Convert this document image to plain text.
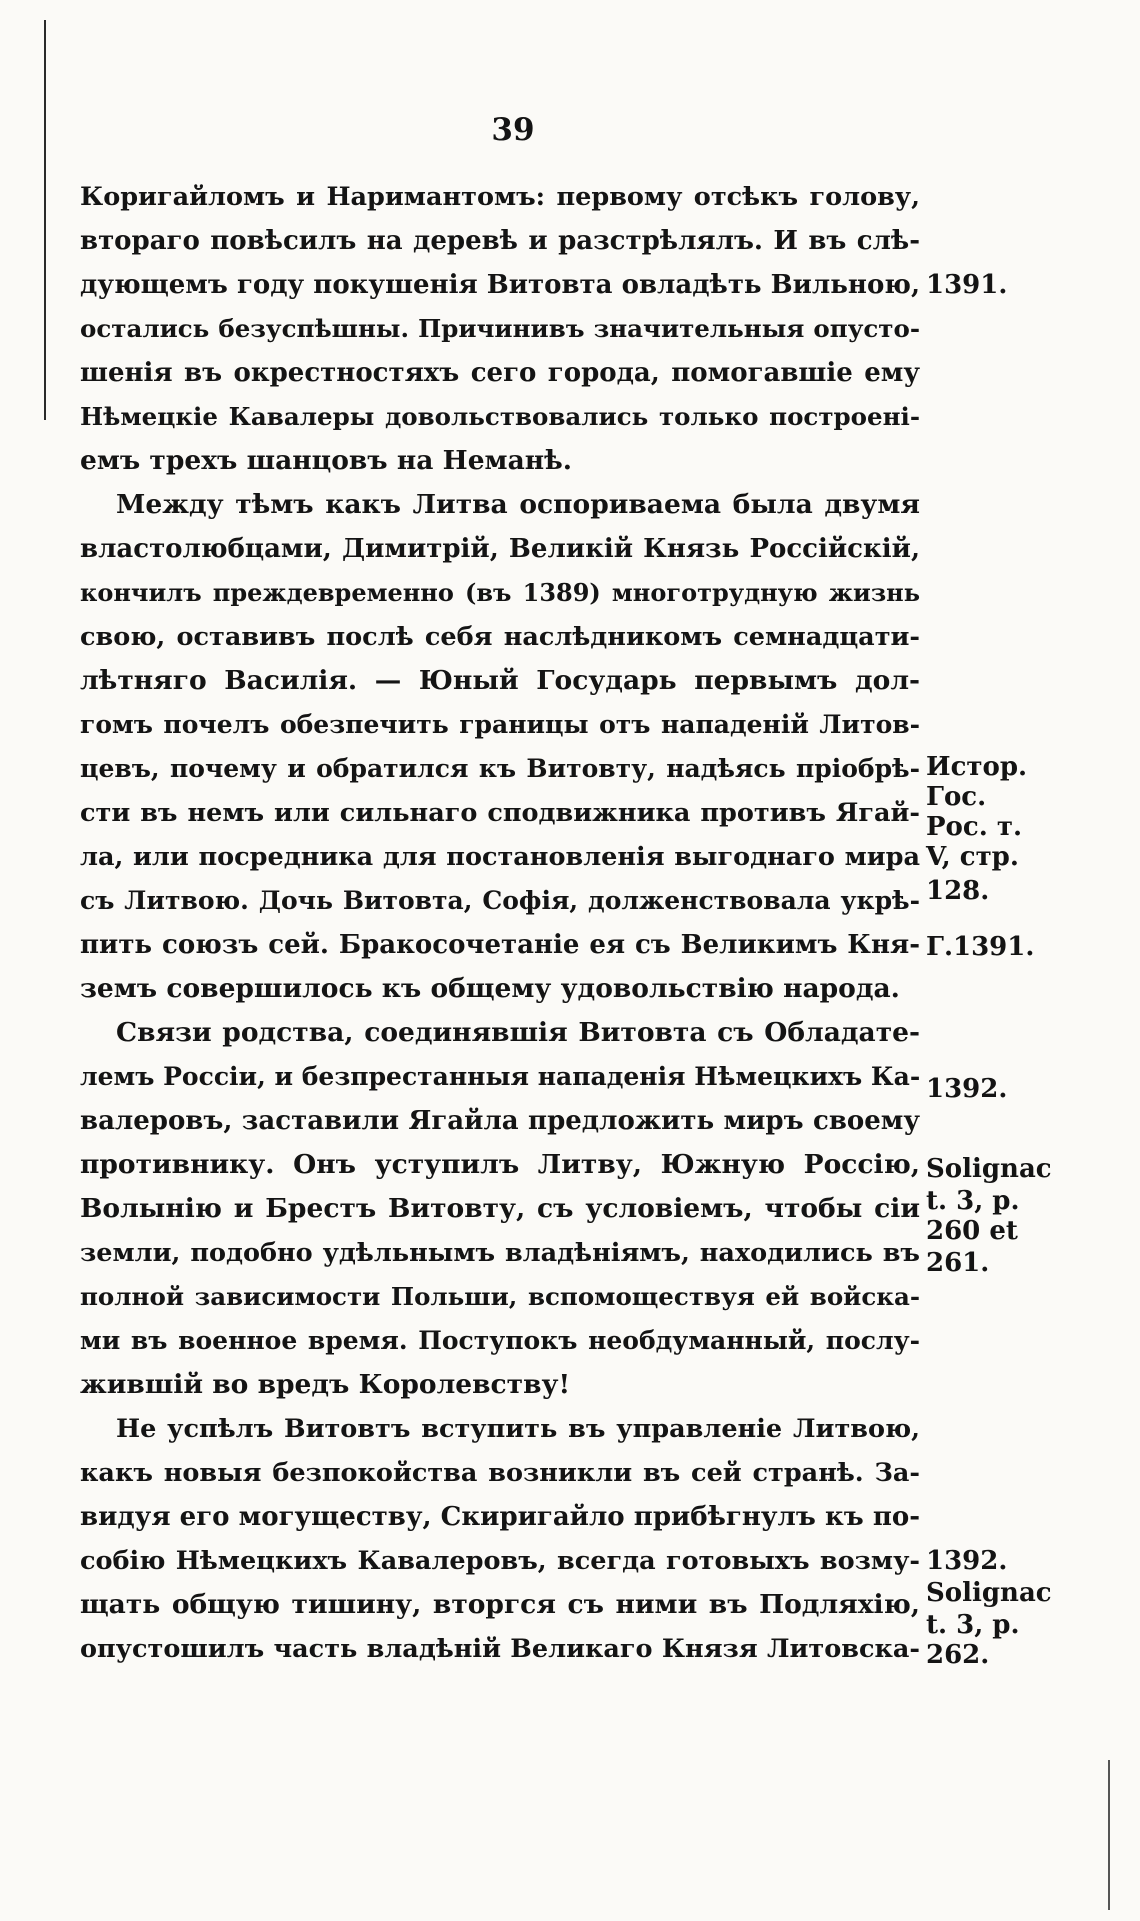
39
Коригайломъ и Наримантомъ: первому отсѣкъ голову,
втораго повѣсилъ на деревѣ и разстрѣлялъ. И въ слѣ-
дующемъ году покушенія Витовта овладѣть Вильною,
остались безуспѣшны. Причинивъ значительныя опусто-
шенія въ окрестностяхъ сего города, помогавшіе ему
Нѣмецкіе Кавалеры довольствовались только построені-
емъ трехъ шанцовъ на Неманѣ.
Между тѣмъ какъ Литва оспориваема была двумя
властолюбцами, Димитрій, Великій Князь Россійскій,
кончилъ преждевременно (въ 1389) многотрудную жизнь
свою, оставивъ послѣ себя наслѣдникомъ семнадцати-
лѣтняго Василія. — Юный Государь первымъ дол-
гомъ почелъ обезпечить границы отъ нападеній Литов-
цевъ, почему и обратился къ Витовту, надѣясь пріобрѣ-
сти въ немъ или сильнаго сподвижника противъ Ягай-
ла, или посредника для постановленія выгоднаго мира
съ Литвою. Дочь Витовта, Софія, долженствовала укрѣ-
пить союзъ сей. Бракосочетаніе ея съ Великимъ Кня-
земъ совершилось къ общему удовольствію народа.
Связи родства, соединявшія Витовта съ Обладате-
лемъ Россіи, и безпрестанныя нападенія Нѣмецкихъ Ка-
валеровъ, заставили Ягайла предложить миръ своему
противнику. Онъ уступилъ Литву, Южную Россію,
Волынію и Брестъ Витовту, съ условіемъ, чтобы сіи
земли, подобно удѣльнымъ владѣніямъ, находились въ
полной зависимости Польши, вспомоществуя ей войска-
ми въ военное время. Поступокъ необдуманный, послу-
жившій во вредъ Королевству!
Не успѣлъ Витовтъ вступить въ управленіе Литвою,
какъ новыя безпокойства возникли въ сей странѣ. За-
видуя его могуществу, Скиригайло прибѣгнулъ къ по-
собію Нѣмецкихъ Кавалеровъ, всегда готовыхъ возму-
щать общую тишину, вторгся съ ними въ Подляхію,
опустошилъ часть владѣній Великаго Князя Литовска-
1391.
Истор.
Гос.
Рос. т.
V, стр.
128.
Г.1391.
1392.
Solignac
t. 3, p.
260 et
261.
1392.
Solignac
t. 3, p.
262.
